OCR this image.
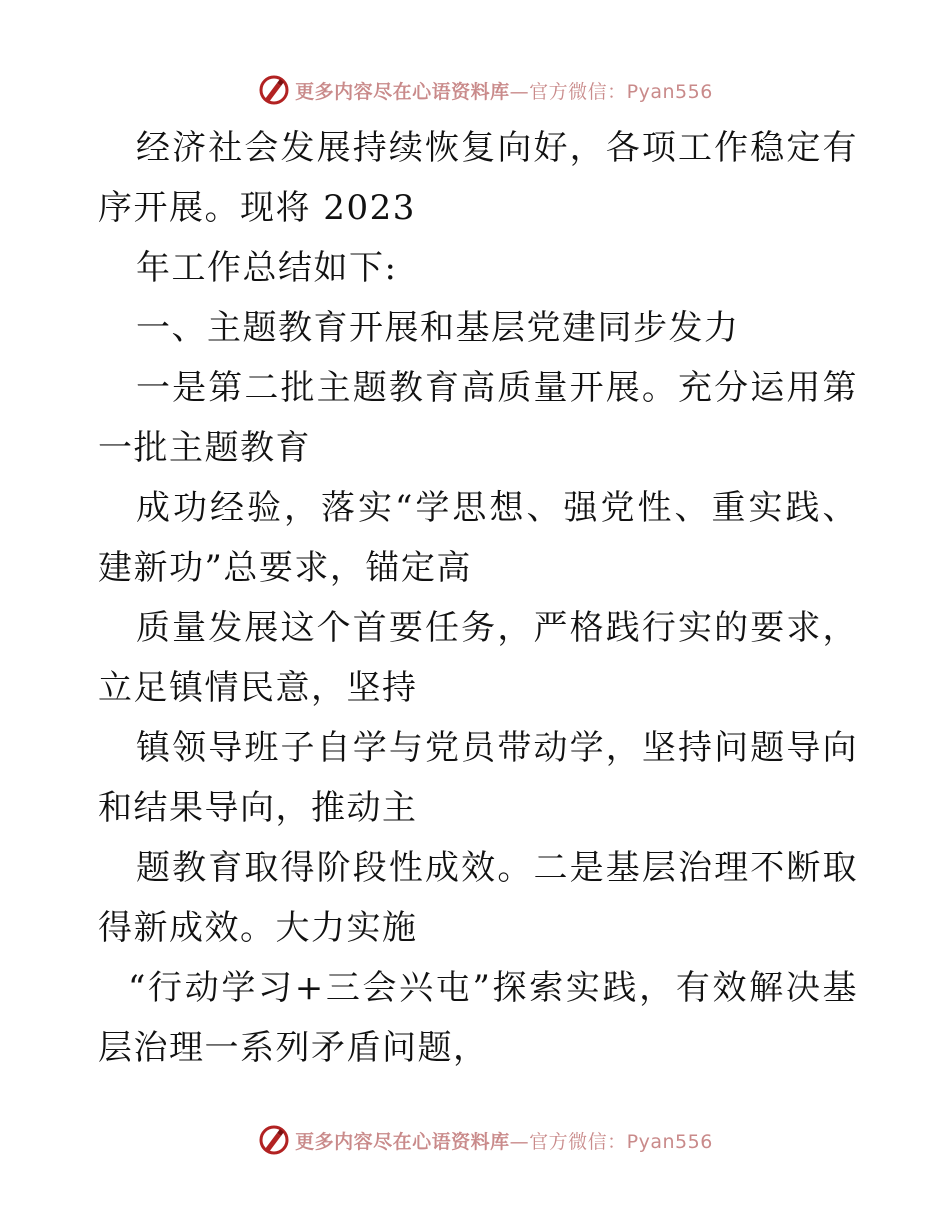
更多内容尽在心语资料库—官方微信：Pyan556

经济社会发展持续恢复向好，各项工作稳定有序开展。现将 2023

年工作总结如下:

一、主题教育开展和基层党建同步发力

一是第二批主题教育高质量开展。充分运用第一批主题教育

成功经验，落实“学思想、强党性、重实践、建新功”总要求，锚定高

质量发展这个首要任务，严格践行实的要求，立足镇情民意，坚持

镇领导班子自学与党员带动学，坚持问题导向和结果导向，推动主

题教育取得阶段性成效。二是基层治理不断取得新成效。大力实施

“行动学习+三会兴屯”探索实践，有效解决基层治理一系列矛盾问题，

更多内容尽在心语资料库—官方微信：Pyan556
